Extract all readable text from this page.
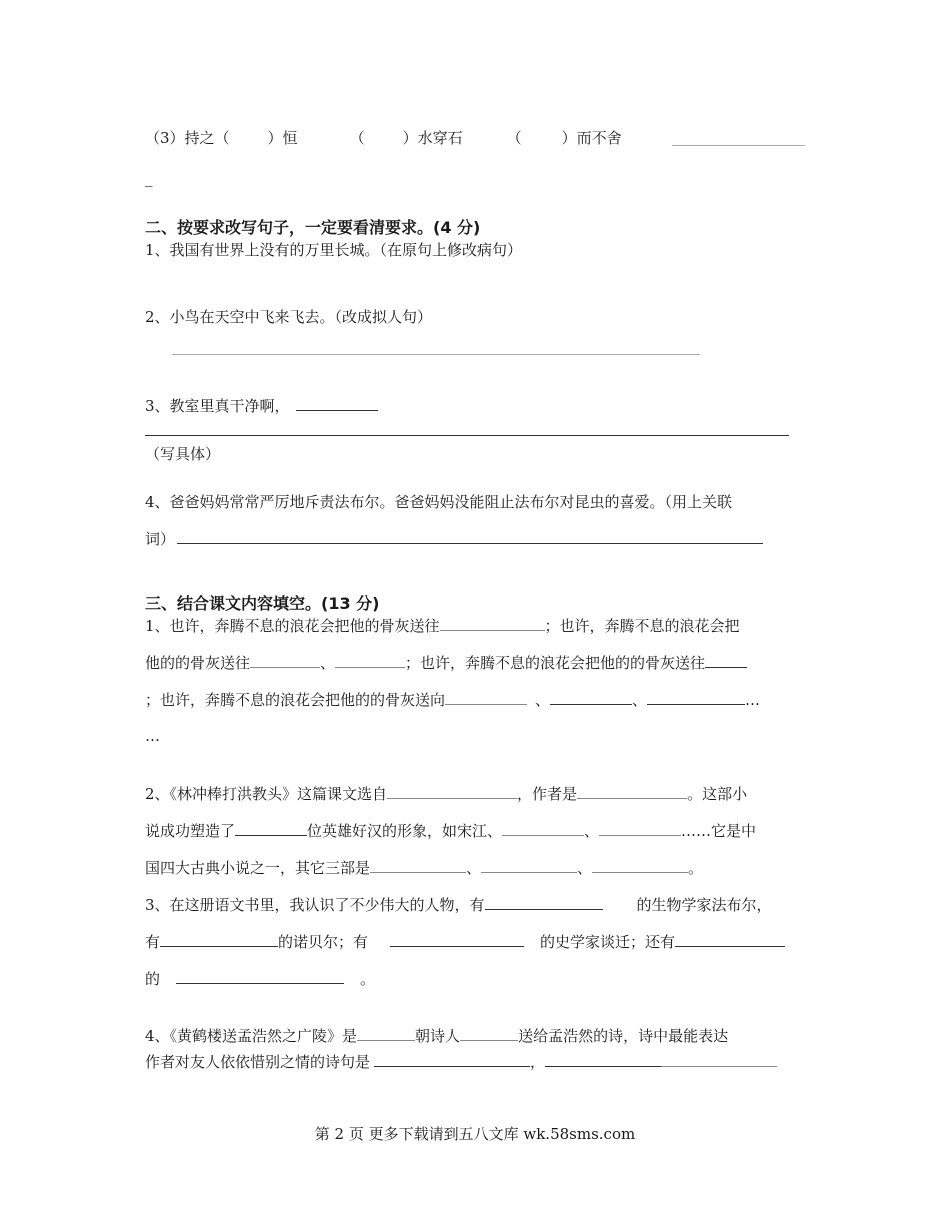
（3）持之（	）恒	（	）水穿石	（	）而不舍
_
二、按要求改写句子，一定要看清要求。(4 分)
1、我国有世界上没有的万里长城。（在原句上修改病句）
2、小鸟在天空中飞来飞去。（改成拟人句）
3、教室里真干净啊，
（写具体）
4、爸爸妈妈常常严厉地斥责法布尔。爸爸妈妈没能阻止法布尔对昆虫的喜爱。（用上关联
词）
三、结合课文内容填空。(13 分)
1、也许，奔腾不息的浪花会把他的骨灰送往	；也许，奔腾不息的浪花会把
他的的骨灰送往	、	；也许，奔腾不息的浪花会把他的的骨灰送往
；也许，奔腾不息的浪花会把他的的骨灰送向	、	、	…
…
2、《林冲棒打洪教头》这篇课文选自	，作者是	。这部小
说成功塑造了	位英雄好汉的形象，如宋江、	、	……它是中
国四大古典小说之一，其它三部是	、	、	。
3、在这册语文书里，我认识了不少伟大的人物，有	的生物学家法布尔，
有	的诺贝尔；有	的史学家谈迁；还有
的	。
4、《黄鹤楼送孟浩然之广陵》是	朝诗人	送给孟浩然的诗，诗中最能表达
作者对友人依依惜别之情的诗句是	，
第 2 页 更多下载请到五八文库 wk.58sms.com
